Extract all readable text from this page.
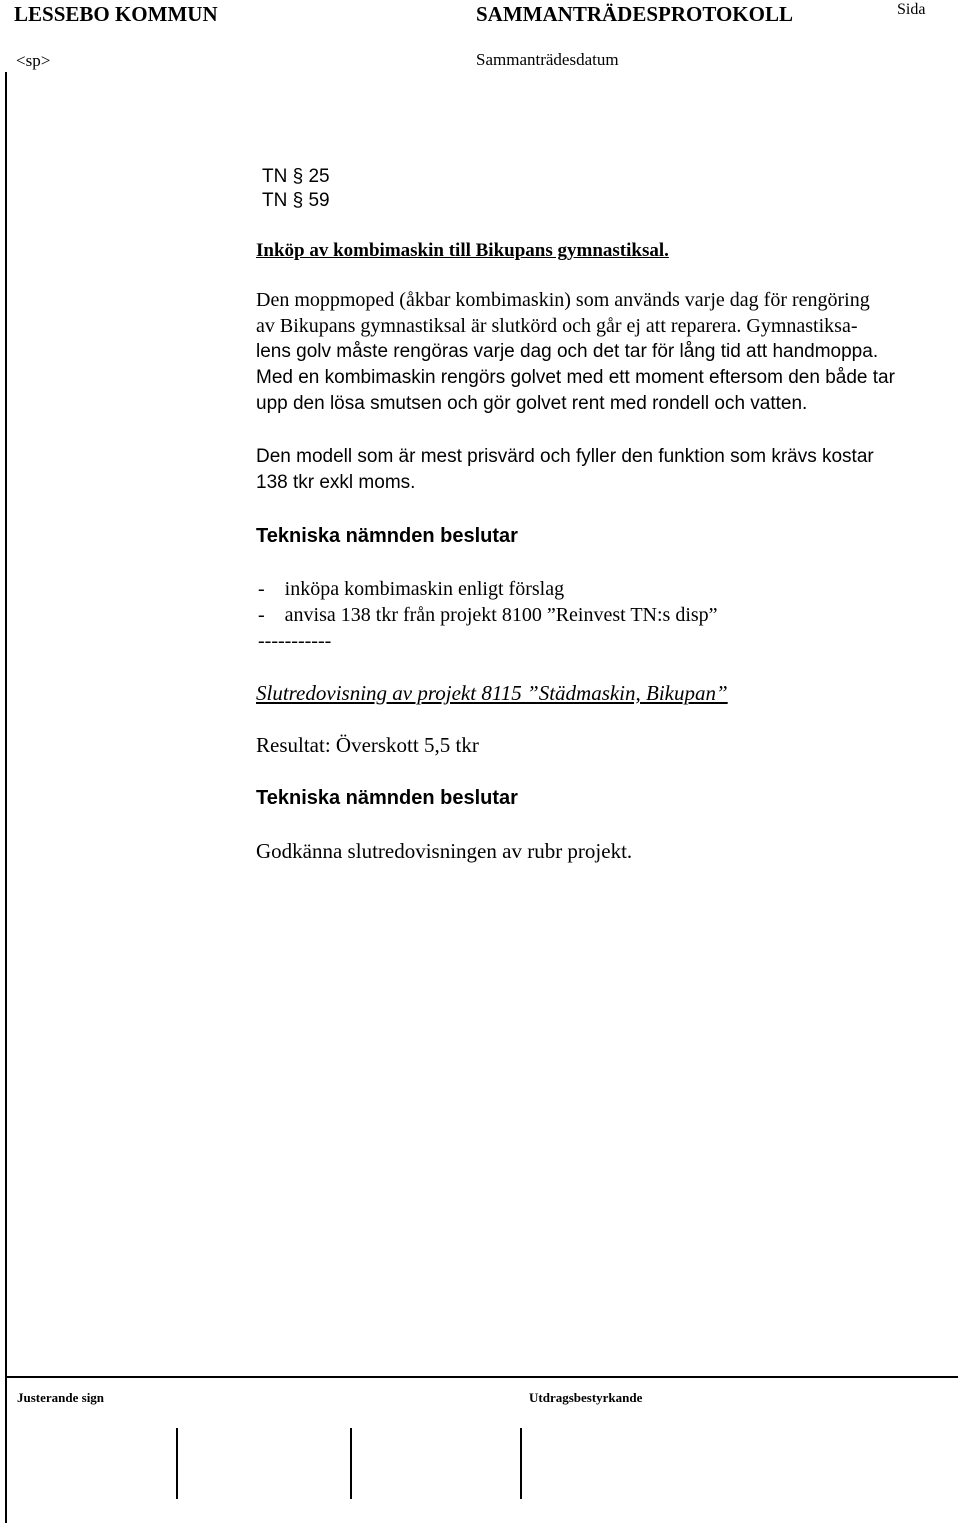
LESSEBO KOMMUN	SAMMANTRÄDESPROTOKOLL	Sida
<sp>	Sammanträdesdatum
TN § 25
TN § 59
Inköp av kombimaskin till Bikupans gymnastiksal.

Den moppmoped (åkbar kombimaskin) som används varje dag för rengöring

av Bikupans gymnastiksal är slutkörd och går ej att reparera. Gymnastiksa-

lens golv måste rengöras varje dag och det tar för lång tid att handmoppa.

Med en kombimaskin rengörs golvet med ett moment eftersom den både tar

upp den lösa smutsen och gör golvet rent med rondell och vatten.

Den modell som är mest prisvärd och fyller den funktion som krävs kostar

138 tkr exkl moms.

Tekniska nämnden beslutar
- inköpa kombimaskin enligt förslag
- anvisa 138 tkr från projekt 8100 ”Reinvest TN:s disp”
-----------
Slutredovisning av projekt 8115 ”Städmaskin, Bikupan”
Resultat: Överskott 5,5 tkr
Tekniska nämnden beslutar
Godkänna slutredovisningen av rubr projekt.
Justerande sign	Utdragsbestyrkande
